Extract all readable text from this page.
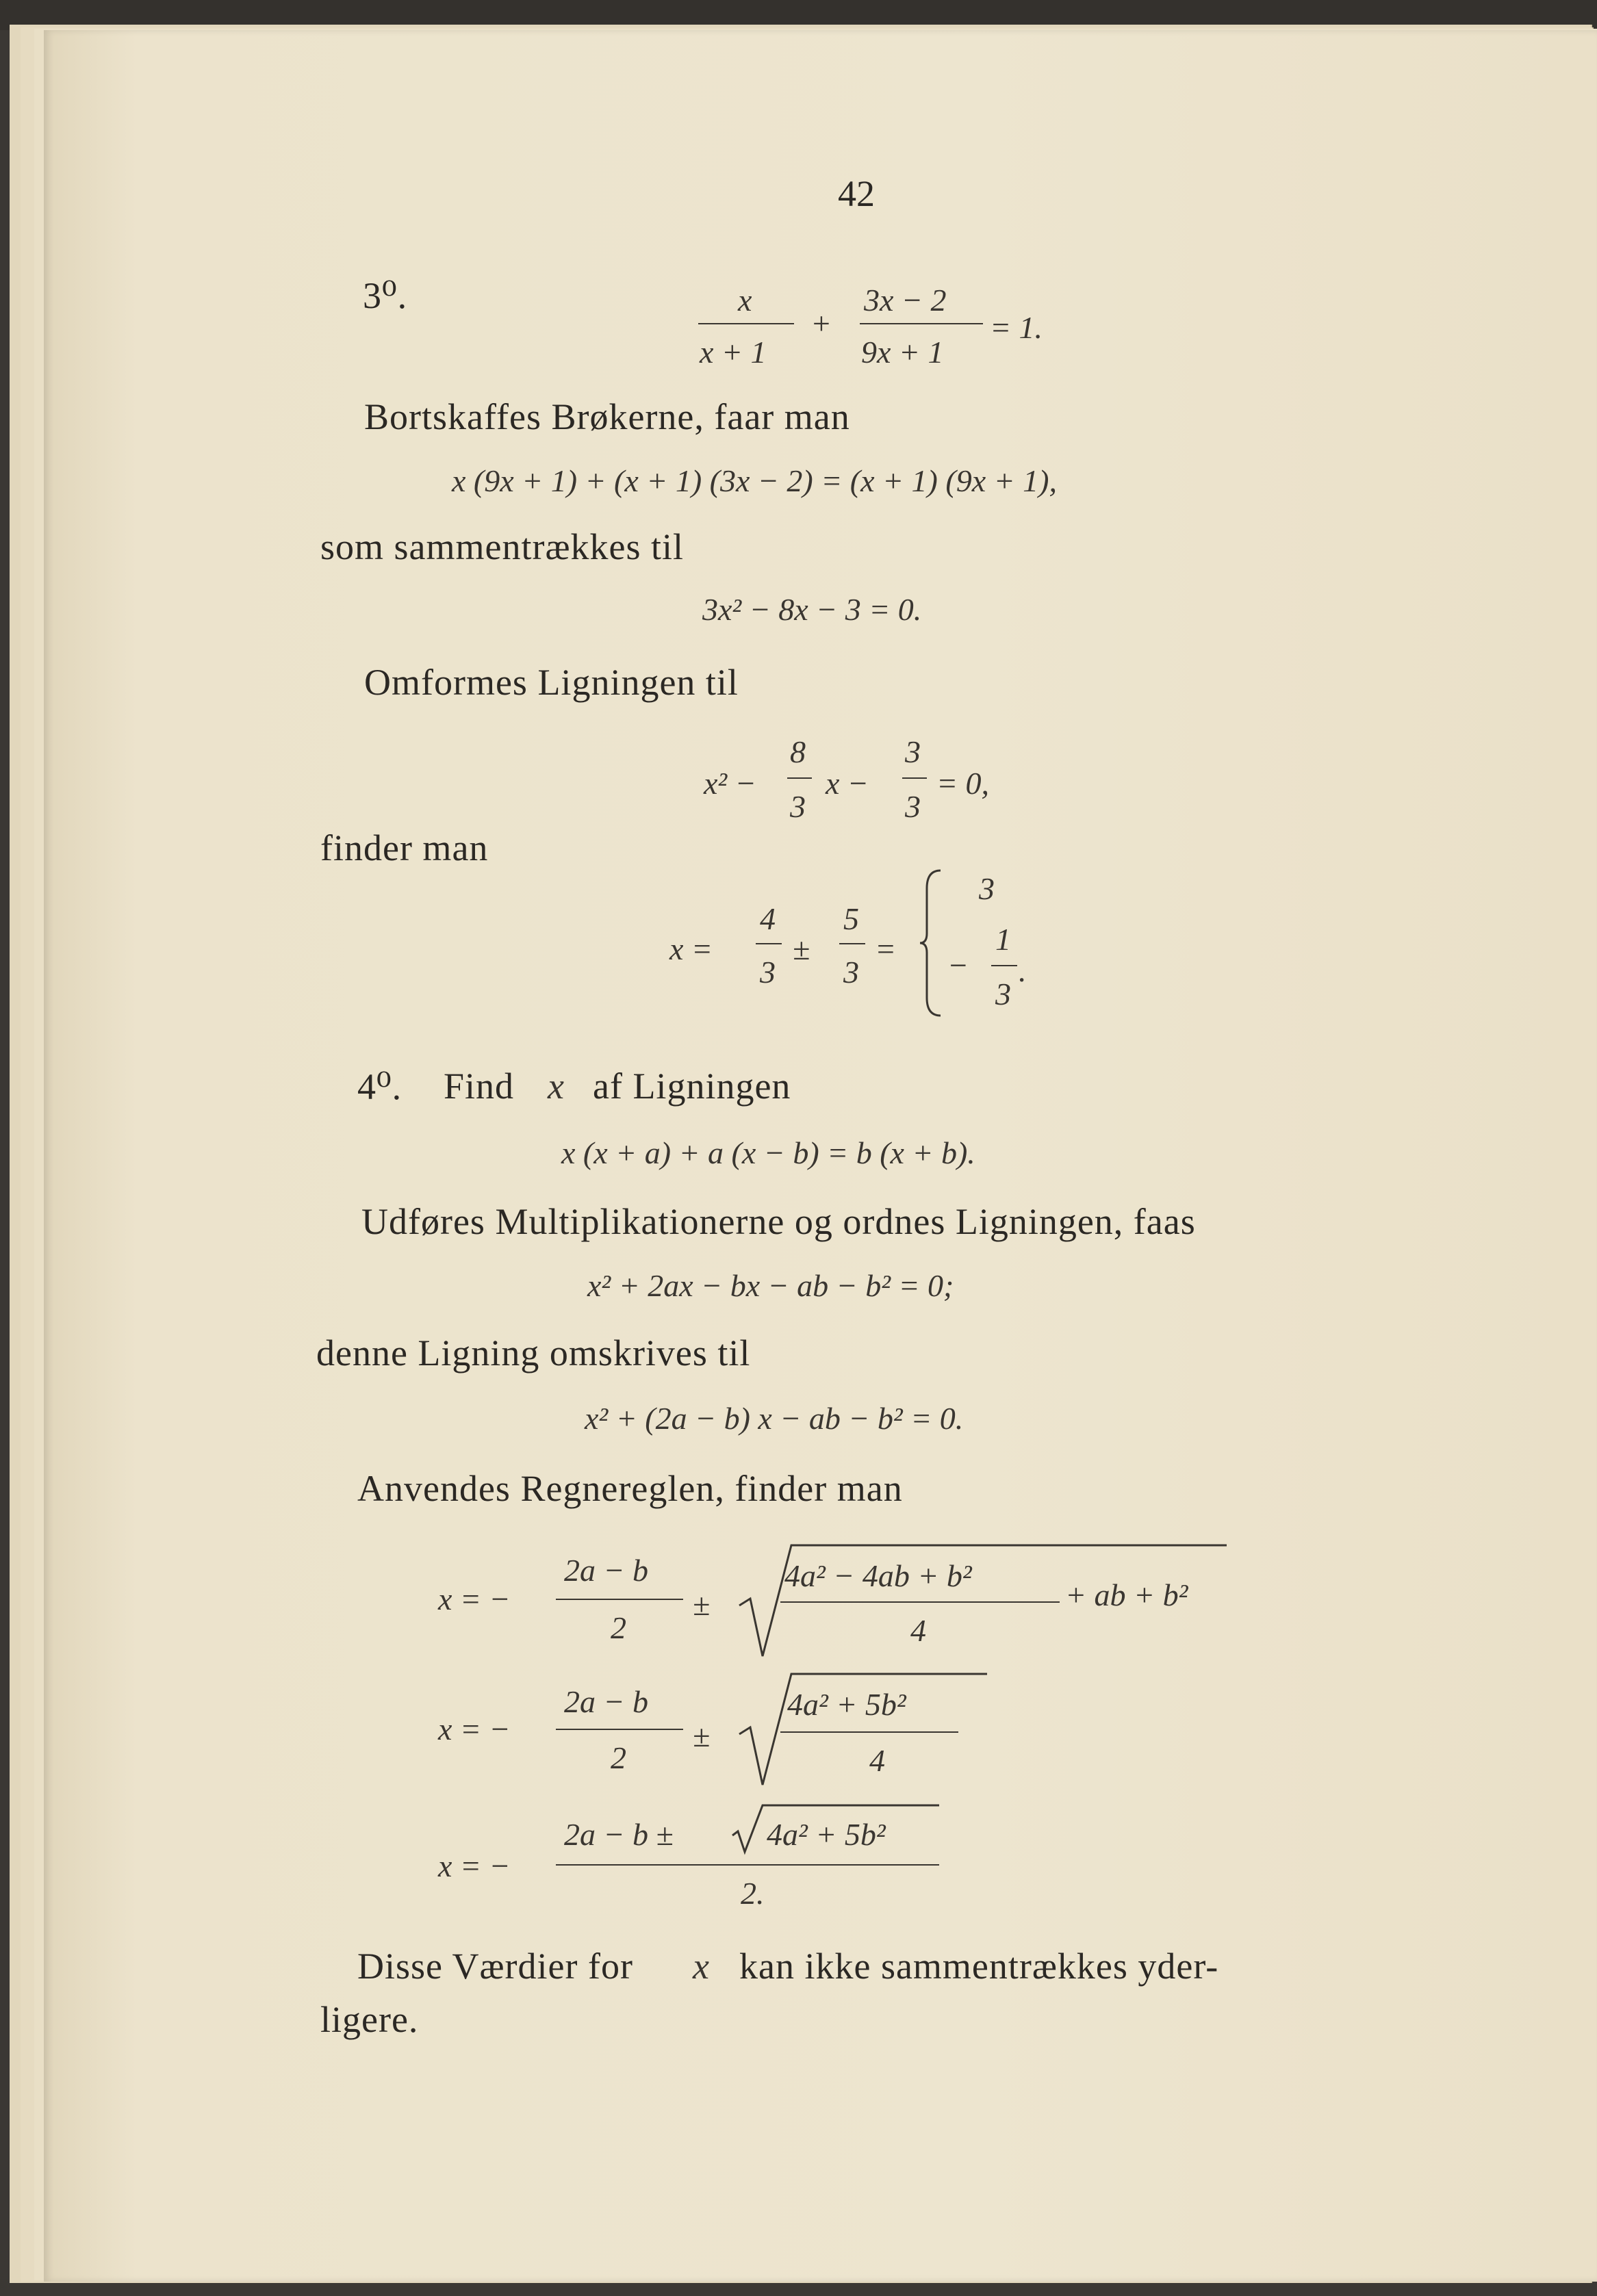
42
3⁰.	x
x + 1
+
3x − 2
9x + 1
= 1.
Bortskaffes Brøkerne, faar man
x (9x + 1) + (x + 1) (3x − 2) = (x + 1) (9x + 1),
som sammentrækkes til
3x² − 8x − 3 = 0.
Omformes Ligningen til
x² −
8
3
x −
3
3
= 0,
finder man
x =
4
3
±
5
3
=
3
−
1
3
.
4⁰. Find x af Ligningen
x (x + a) + a (x − b) = b (x + b).
Udføres Multiplikationerne og ordnes Ligningen, faas
x² + 2ax − bx − ab − b² = 0;
denne Ligning omskrives til
x² + (2a − b) x − ab − b² = 0.
Anvendes Regnereglen, finder man
x = −
2a − b
2
±
4a² − 4ab + b²
4
+ ab + b²
x = −
2a − b
2
±
4a² + 5b²
4
x = −
2a − b ±	4a² + 5b²
2.
Disse Værdier for x kan ikke sammentrækkes yder-
ligere.
